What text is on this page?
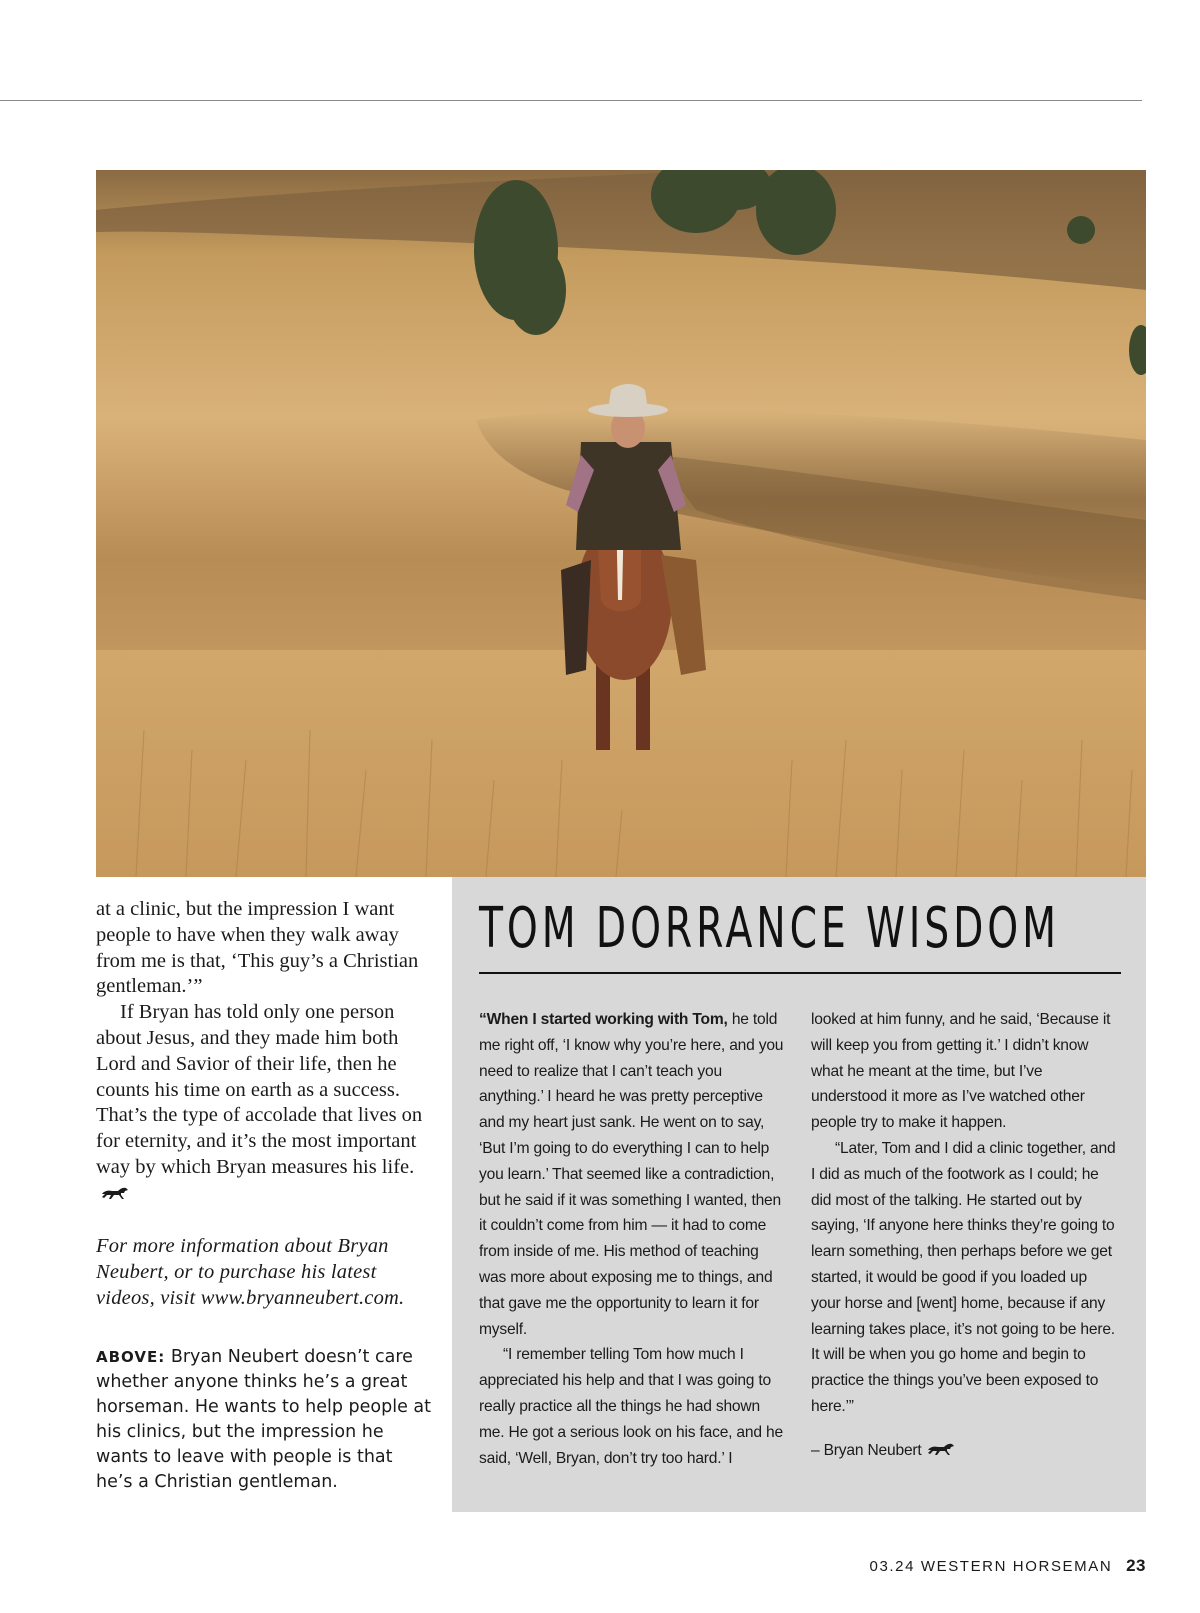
at a clinic, but the impression I want people to have when they walk away from me is that, ‘This guy’s a Christian gentleman.’”

If Bryan has told only one person about Jesus, and they made him both Lord and Savior of their life, then he counts his time on earth as a success. That’s the type of accolade that lives on for eternity, and it’s the most important way by which Bryan measures his life.

For more information about Bryan Neubert, or to purchase his latest videos, visit www.bryanneubert.com.

ABOVE: Bryan Neubert doesn’t care whether anyone thinks he’s a great horseman. He wants to help people at his clinics, but the impression he wants to leave with people is that he’s a Christian gentleman.

TOM DORRANCE WISDOM

“When I started working with Tom, he told me right off, ‘I know why you’re here, and you need to realize that I can’t teach you anything.’ I heard he was pretty perceptive and my heart just sank. He went on to say, ‘But I’m going to do everything I can to help you learn.’ That seemed like a contradiction, but he said if it was something I wanted, then it couldn’t come from him — it had to come from inside of me. His method of teaching was more about exposing me to things, and that gave me the opportunity to learn it for myself.

“I remember telling Tom how much I appreciated his help and that I was going to really practice all the things he had shown me. He got a serious look on his face, and he said, ‘Well, Bryan, don’t try too hard.’ I

looked at him funny, and he said, ‘Because it will keep you from getting it.’ I didn’t know what he meant at the time, but I’ve understood it more as I’ve watched other people try to make it happen.

“Later, Tom and I did a clinic together, and I did as much of the footwork as I could; he did most of the talking. He started out by saying, ‘If anyone here thinks they’re going to learn something, then perhaps before we get started, it would be good if you loaded up your horse and [went] home, because if any learning takes place, it’s not going to be here. It will be when you go home and begin to practice the things you’ve been exposed to here.’”

– Bryan Neubert

03.24 WESTERN HORSEMAN 23
